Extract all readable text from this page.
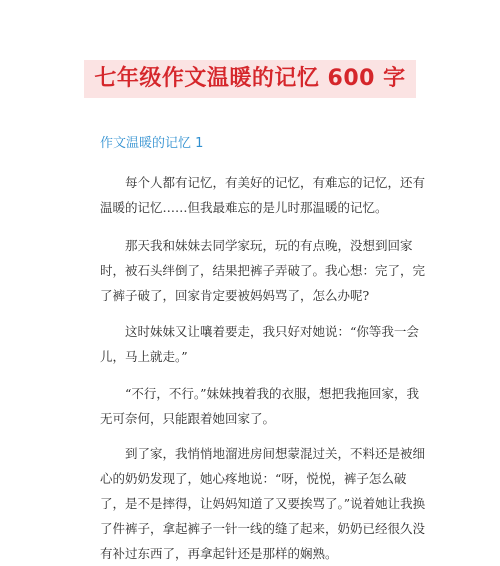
七年级作文温暖的记忆 600 字
作文温暖的记忆 1
每个人都有记忆，有美好的记忆，有难忘的记忆，还有温暖的记忆……但我最难忘的是儿时那温暖的记忆。
那天我和妹妹去同学家玩，玩的有点晚，没想到回家时，被石头绊倒了，结果把裤子弄破了。我心想：完了，完了裤子破了，回家肯定要被妈妈骂了，怎么办呢?
这时妹妹又让嚷着要走，我只好对她说：“你等我一会儿，马上就走。”
“不行，不行。”妹妹拽着我的衣服，想把我拖回家，我无可奈何，只能跟着她回家了。
到了家，我悄悄地溜进房间想蒙混过关，不料还是被细心的奶奶发现了，她心疼地说：“呀，悦悦，裤子怎么破了，是不是摔得，让妈妈知道了又要挨骂了。”说着她让我换了件裤子，拿起裤子一针一线的缝了起来，奶奶已经很久没有补过东西了，再拿起针还是那样的娴熟。
